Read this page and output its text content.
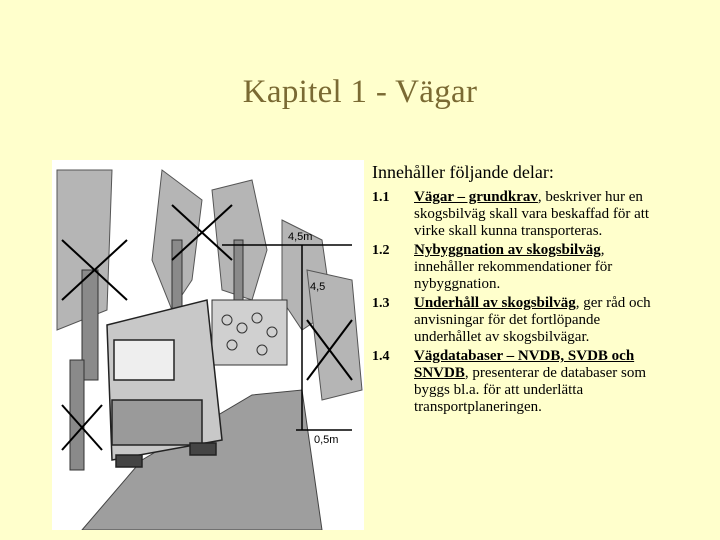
Kapitel 1 - Vägar
4,5m
4,5
0,5m
Innehåller följande delar:
1.1	Vägar – grundkrav, beskriver hur en skogsbilväg skall vara beskaffad för att virke skall kunna transporteras.
1.2	Nybyggnation av skogsbilväg, innehåller rekommendationer för nybyggnation.
1.3	Underhåll av skogsbilväg, ger råd och anvisningar för det fortlöpande underhållet av skogsbilvägar.
1.4	Vägdatabaser – NVDB, SVDB och SNVDB, presenterar de databaser som byggs bl.a. för att underlätta transportplaneringen.
